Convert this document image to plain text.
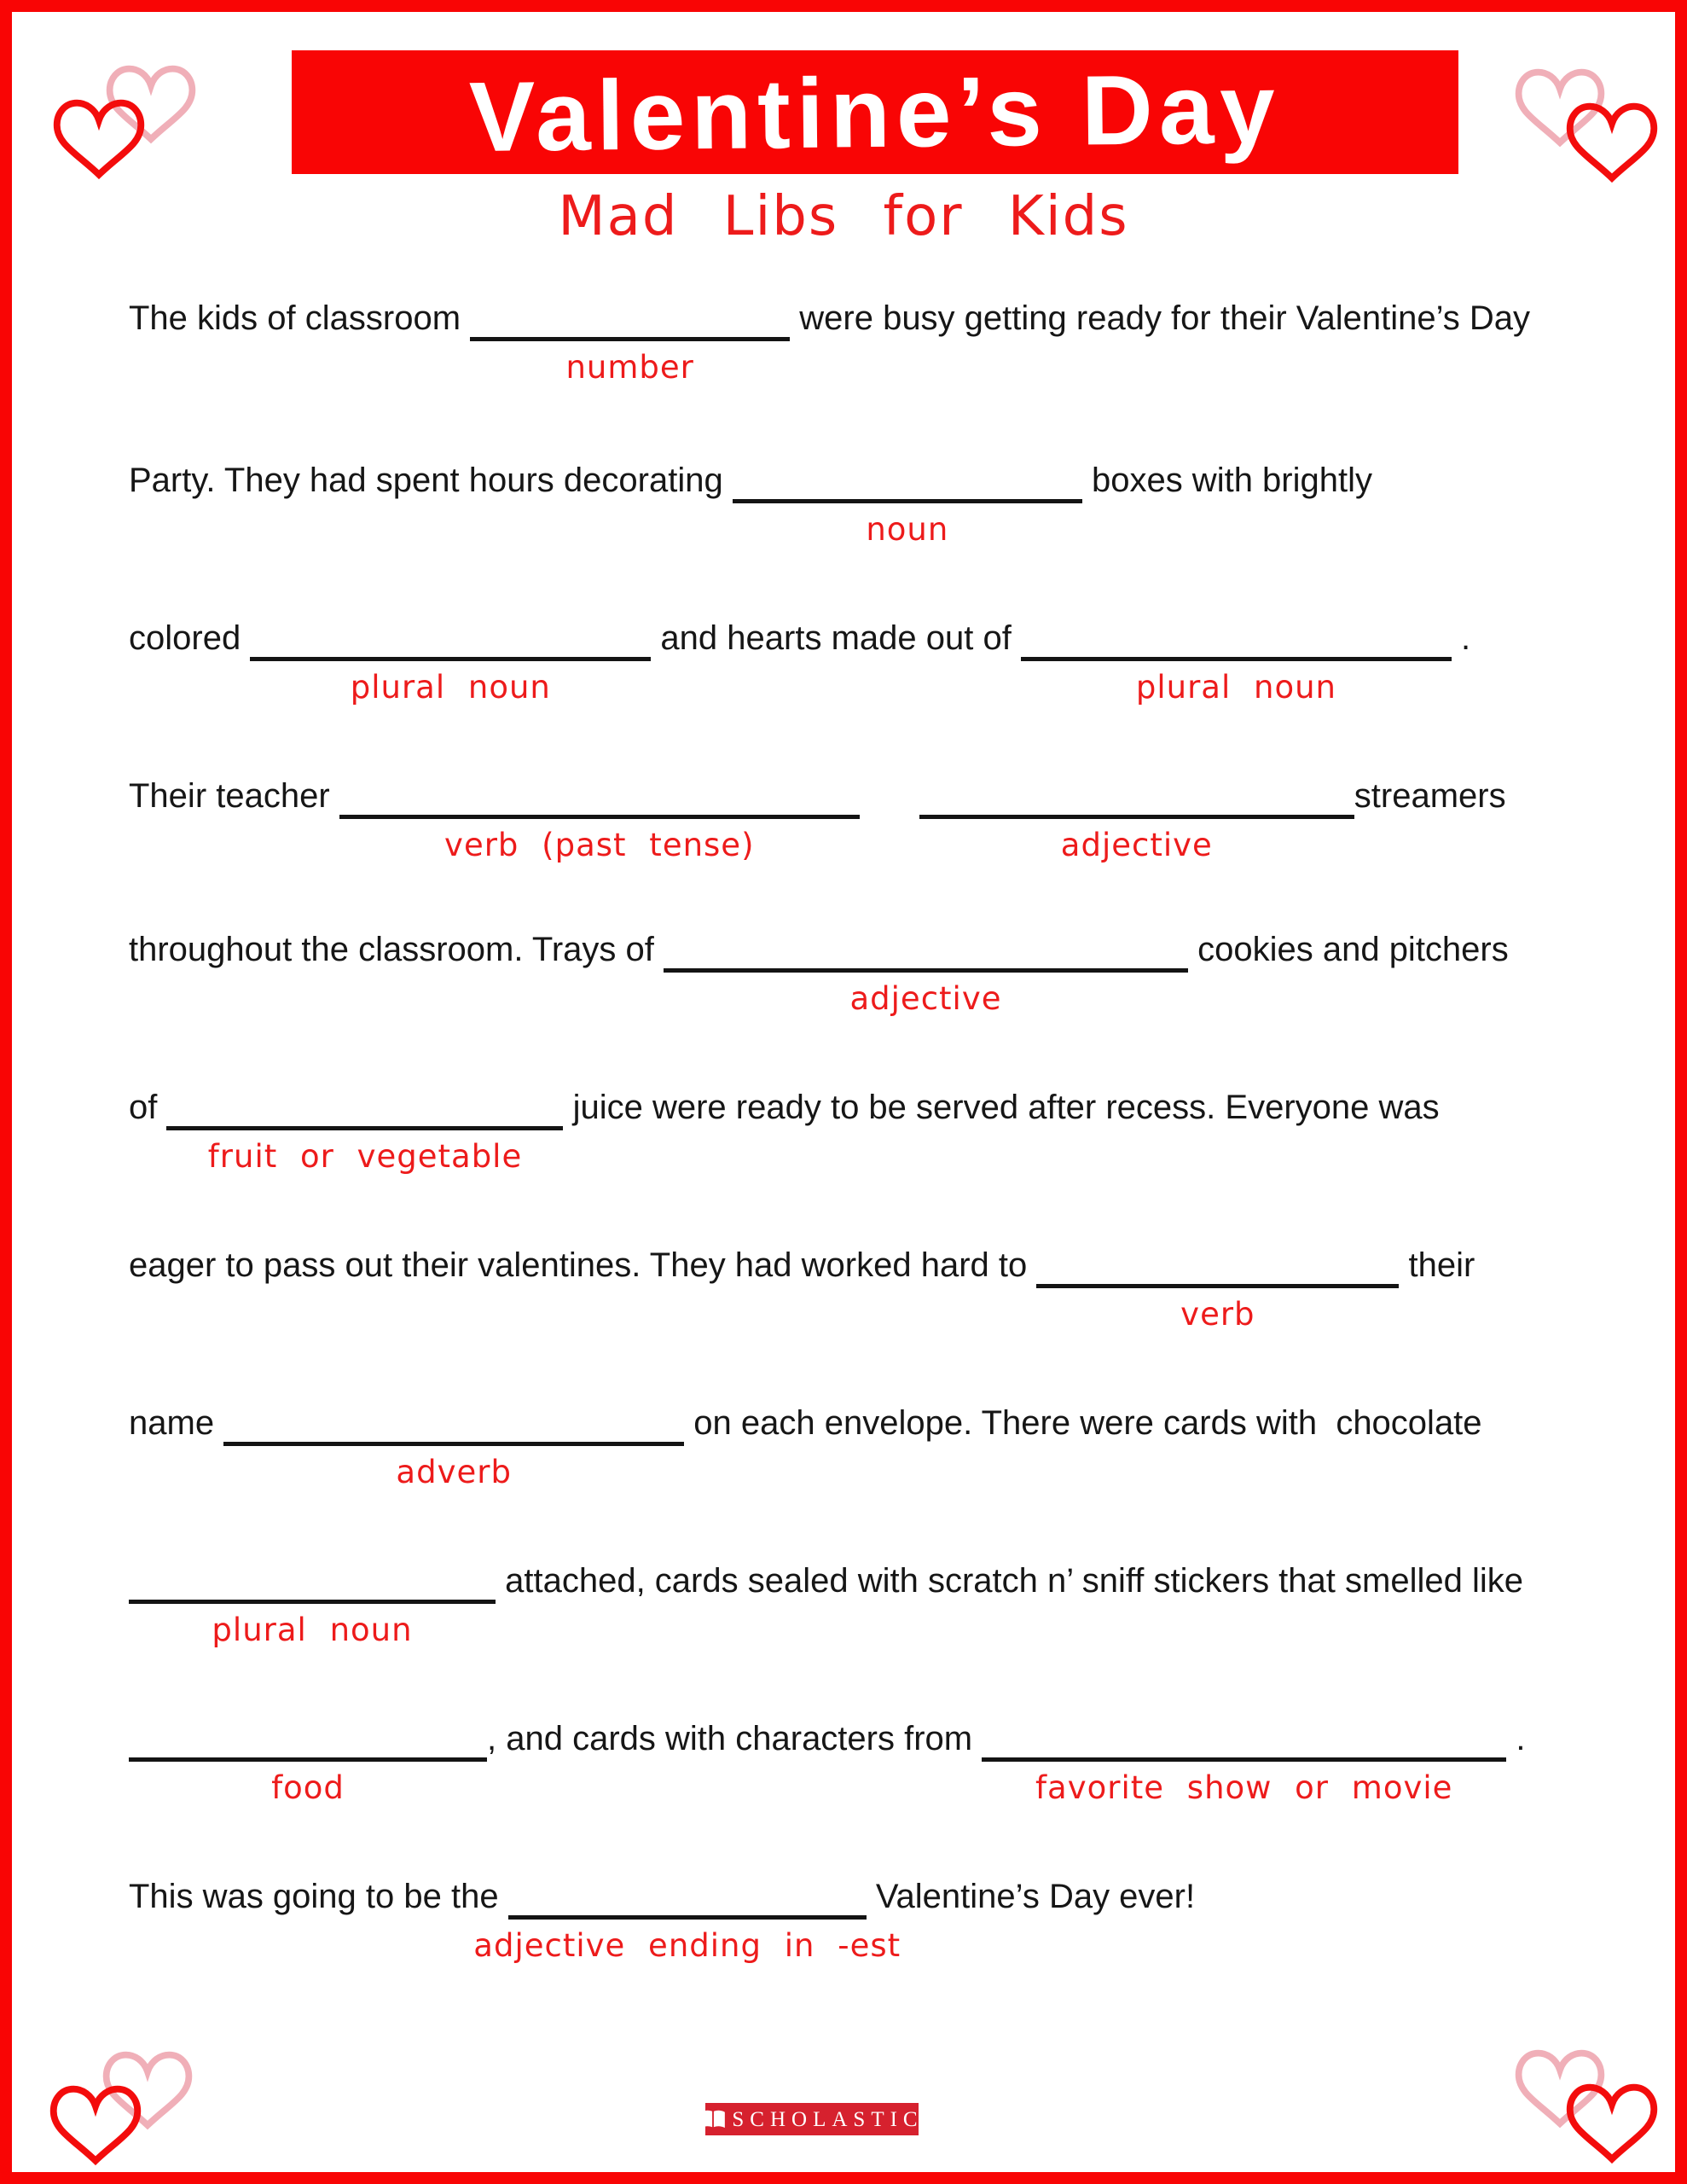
Valentine’s Day
Mad Libs for Kids
The kids of classroom
number
were busy getting ready for their Valentine’s Day
Party. They had spent hours decorating
noun
boxes with brightly
colored
plural noun
and hearts made out of
plural noun
.
Their teacher
verb (past tense)	adjective
streamers
throughout the classroom. Trays of
adjective
cookies and pitchers
of
fruit or vegetable
juice were ready to be served after recess. Everyone was
eager to pass out their valentines. They had worked hard to
verb
their
name
adverb
on each envelope. There were cards with  chocolate
plural noun
attached, cards sealed with scratch n’ sniff stickers that smelled like
food
, and cards with characters from
favorite show or movie
.
This was going to be the
adjective ending in -est
Valentine’s Day ever!
SCHOLASTIC
